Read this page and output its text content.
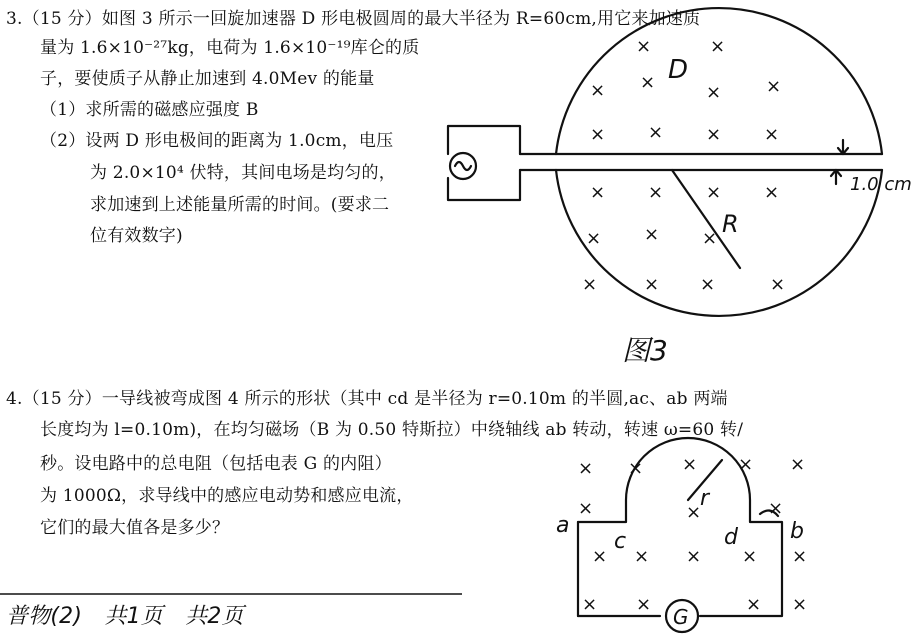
3.（15 分）如图 3 所示一回旋加速器 D 形电极圆周的最大半径为 R=60cm,用它来加速质
量为 1.6×10⁻²⁷kg，电荷为 1.6×10⁻¹⁹库仑的质
子，要使质子从静止加速到 4.0Mev 的能量
（1）求所需的磁感应强度 B
（2）设两 D 形电极间的距离为 1.0cm，电压
为 2.0×10⁴ 伏特，其间电场是均匀的，
求加速到上述能量所需的时间。(要求二
位有效数字)	R
D
1.0 cm
×	×
× ×	× ×
× × × ×
× × × ×
× × ×
×	× ×	×
图3
4.（15 分）一导线被弯成图 4 所示的形状（其中 cd 是半径为 r=0.10m 的半圆,ac、ab 两端
长度均为 l=0.10m)，在均匀磁场（B 为 0.50 特斯拉）中绕轴线 ab 转动，转速 ω=60 转/
秒。设电路中的总电阻（包括电表 G 的内阻）
为 1000Ω，求导线中的感应电动势和感应电流，
它们的最大值各是多少？
r
G
a	b
c	d
× × × × ×
×	×	×
× × × × ×
× ×	× ×
普物(2)　共1页　共2页
